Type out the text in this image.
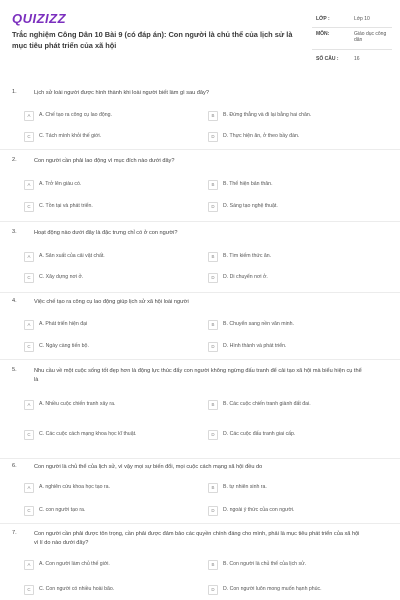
QUIZIZZ
Trắc nghiệm Công Dân 10 Bài 9 (có đáp án): Con người là chủ thể của lịch sử là mục tiêu phát triển của xã hội
LỚP :	Lớp 10
MÔN:	Giáo dục công dân
SỐ CÂU :	16
1.	Lịch sử loài người được hình thành khi loài người biết làm gì sau đây?
A	A. Chế tạo ra công cụ lao động.	B	B. Đứng thẳng và đi lại bằng hai chân.
C	C. Tách mình khỏi thế giới.	D	D. Thực hiện ăn, ở theo bầy đàn.
2.	Con người cần phải lao động vì mục đích nào dưới đây?
A	A. Trở lên giàu có.	B	B. Thể hiện bản thân.
C	C. Tồn tại và phát triển.	D	D. Sáng tạo nghệ thuật.
3.	Hoạt động nào dưới đây là đặc trưng chỉ có ở con người?
A	A. Sản xuất của cải vật chất.	B	B. Tìm kiếm thức ăn.
C	C. Xây dựng nơi ở.	D	D. Di chuyển nơi ở.
4.	Việc chế tạo ra công cụ lao động giúp lịch sử xã hội loài người
A	A. Phát triển hiện đại	B	B. Chuyển sang nền văn minh.
C	C. Ngày càng tiến bộ.	D	D. Hình thành và phát triển.
5.	Nhu cầu về một cuộc sống tốt đẹp hơn là động lực thúc đẩy con người không ngừng đấu tranh để cải tạo xã hội mà biểu hiện cụ thể là
A	A. Nhiều cuộc chiến tranh xảy ra.	B	B. Các cuộc chiến tranh giành đất đai.
C	C. Các cuộc cách mạng khoa học kĩ thuật.	D	D. Các cuộc đấu tranh giai cấp.
6.	Con người là chủ thể của lịch sử, vì vậy mọi sự biến đổi, mọi cuộc cách mạng xã hội đều do
A	A. nghiên cứu khoa học tạo ra.	B	B. tự nhiên sinh ra.
C	C. con người tạo ra.	D	D. ngoài ý thức của con người.
7.	Con người cần phải được tôn trọng, cần phải được đảm bảo các quyền chính đáng cho mình, phải là mục tiêu phát triển của xã hội vì lí do nào dưới đây?
A	A. Con người làm chủ thế giới.	B	B. Con người là chủ thể của lịch sử.
C	C. Con người có nhiều hoài bão.	D	D. Con người luôn mong muốn hạnh phúc.
